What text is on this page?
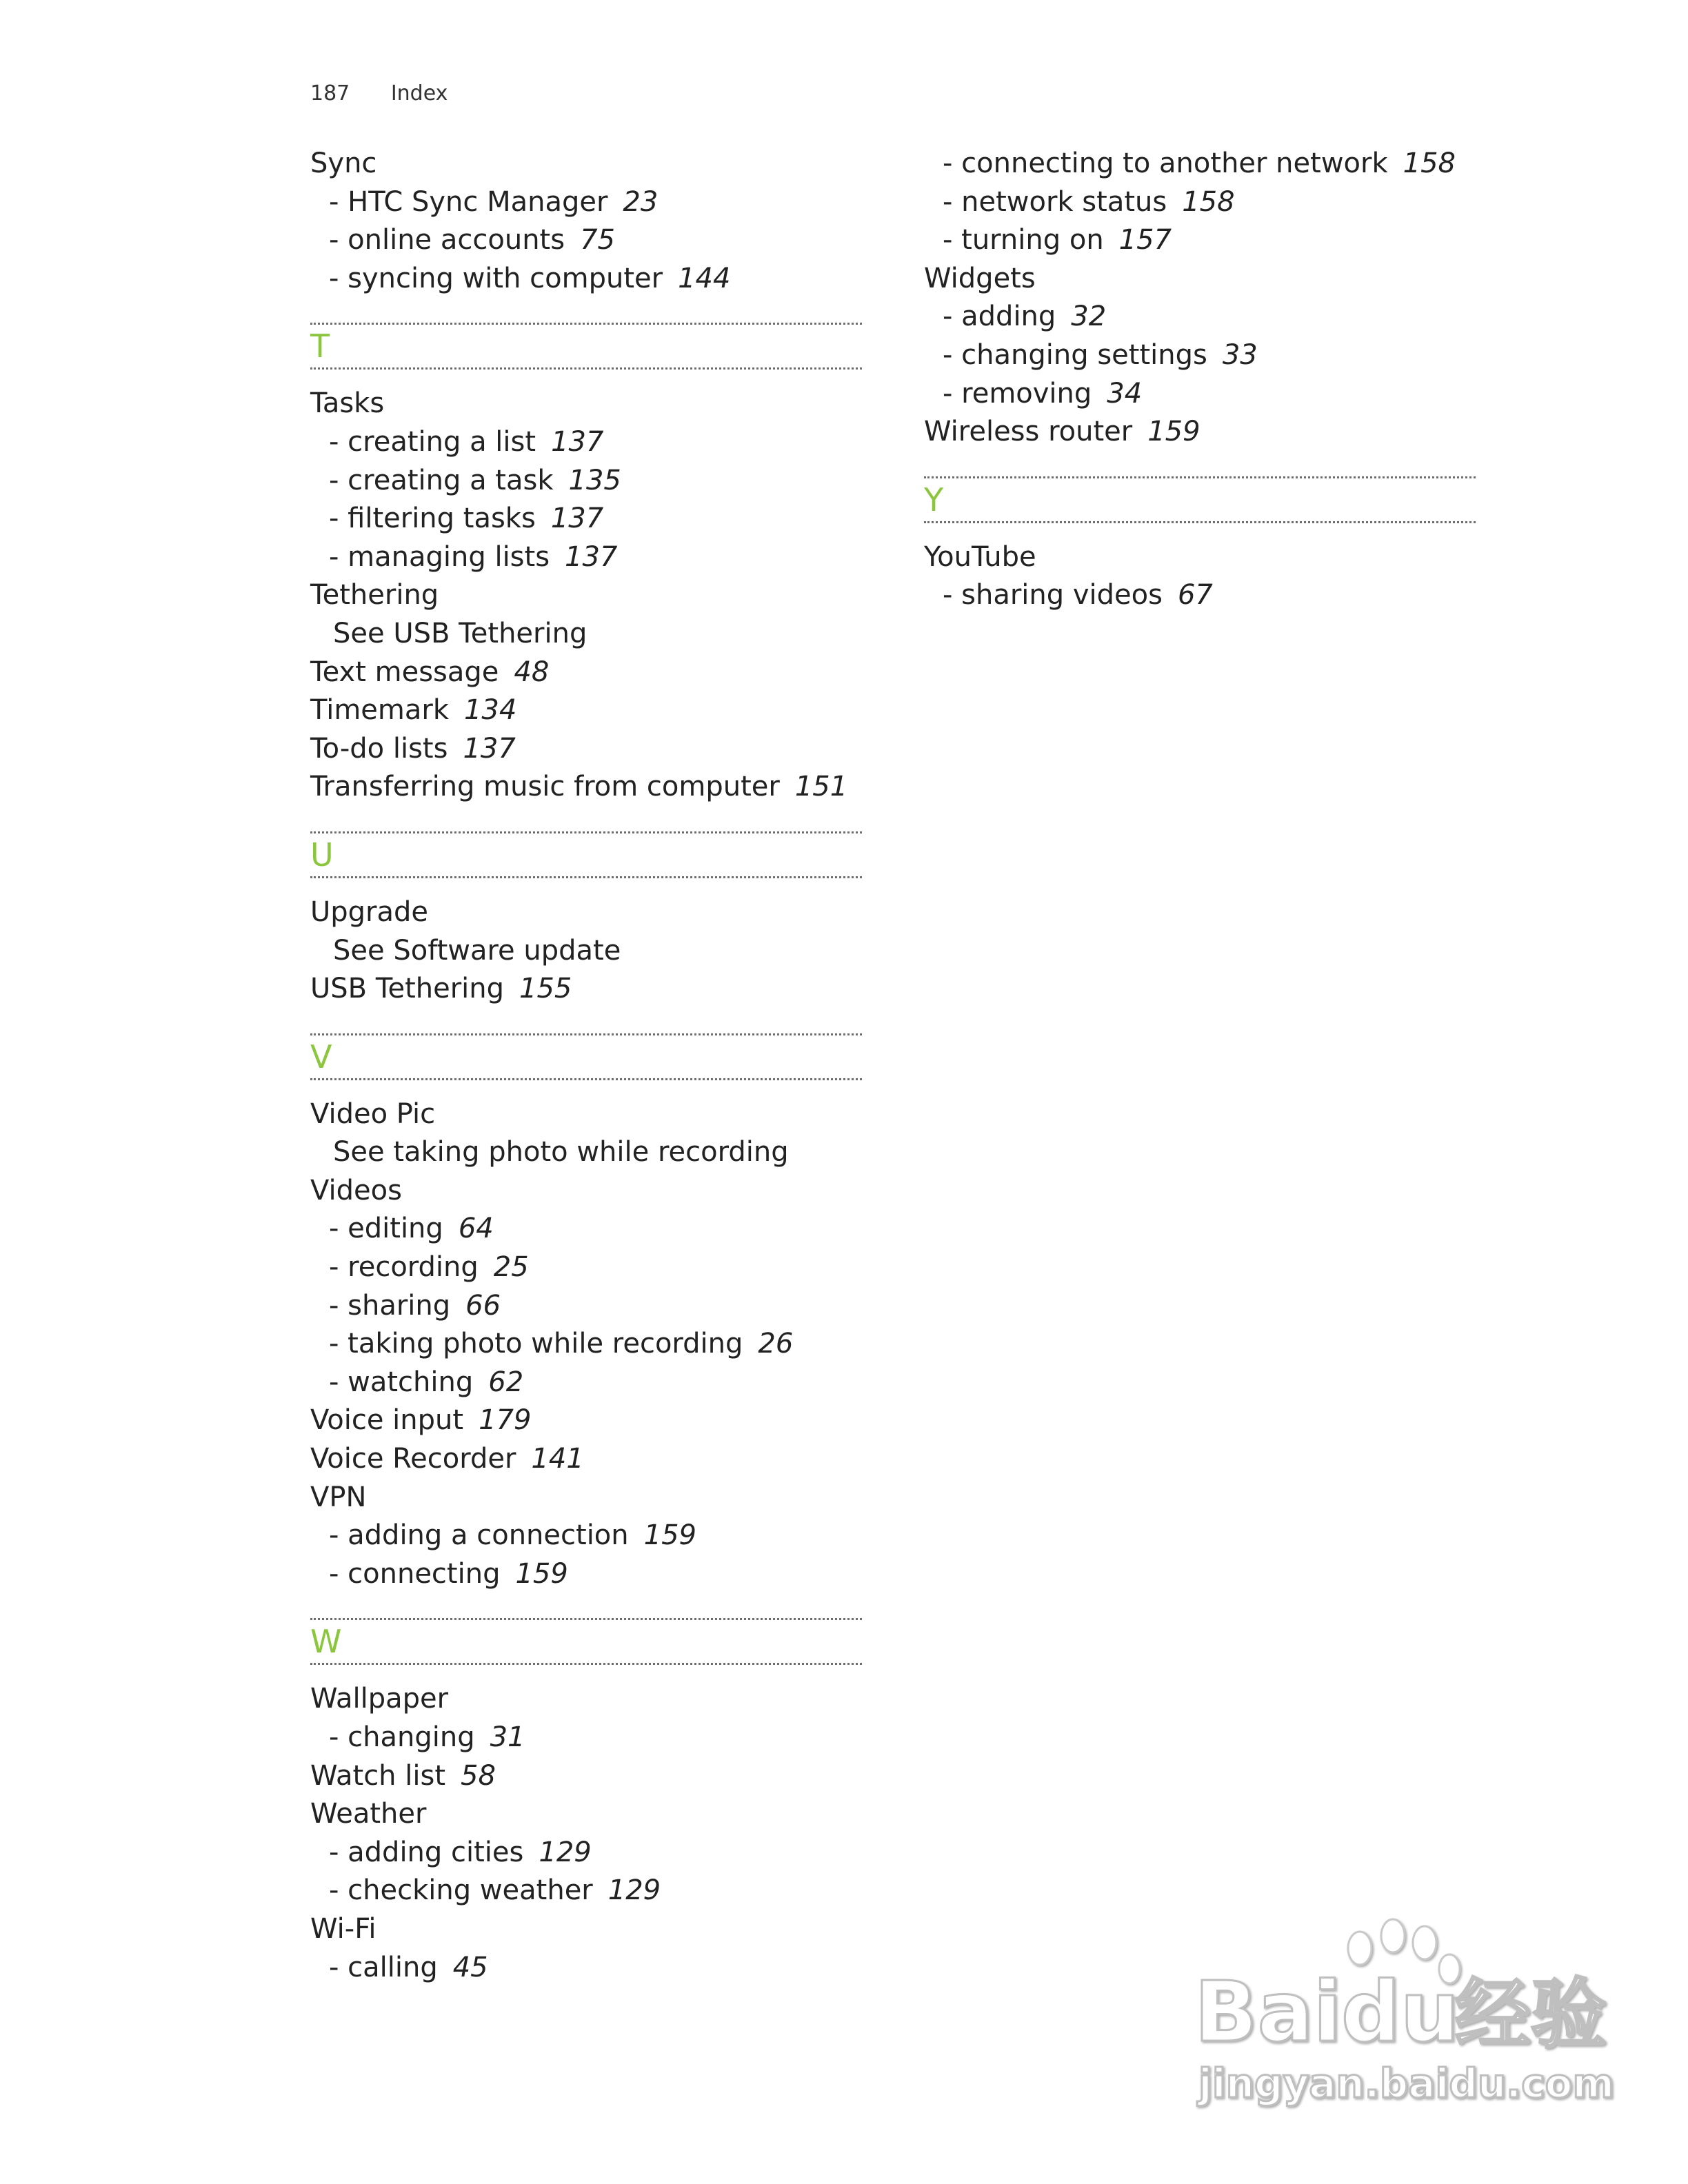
187 Index
Sync
- HTC Sync Manager 23
- online accounts 75
- syncing with computer 144
T
Tasks
- creating a list 137
- creating a task 135
- filtering tasks 137
- managing lists 137
Tethering
See USB Tethering
Text message 48
Timemark 134
To-do lists 137
Transferring music from computer 151
U
Upgrade
See Software update
USB Tethering 155
V
Video Pic
See taking photo while recording
Videos
- editing 64
- recording 25
- sharing 66
- taking photo while recording 26
- watching 62
Voice input 179
Voice Recorder 141
VPN
- adding a connection 159
- connecting 159
W
Wallpaper
- changing 31
Watch list 58
Weather
- adding cities 129
- checking weather 129
Wi-Fi
- calling 45
- connecting to another network 158
- network status 158
- turning on 157
Widgets
- adding 32
- changing settings 33
- removing 34
Wireless router 159
Y
YouTube
- sharing videos 67
Bai du
经验
jingyan.baidu.com
